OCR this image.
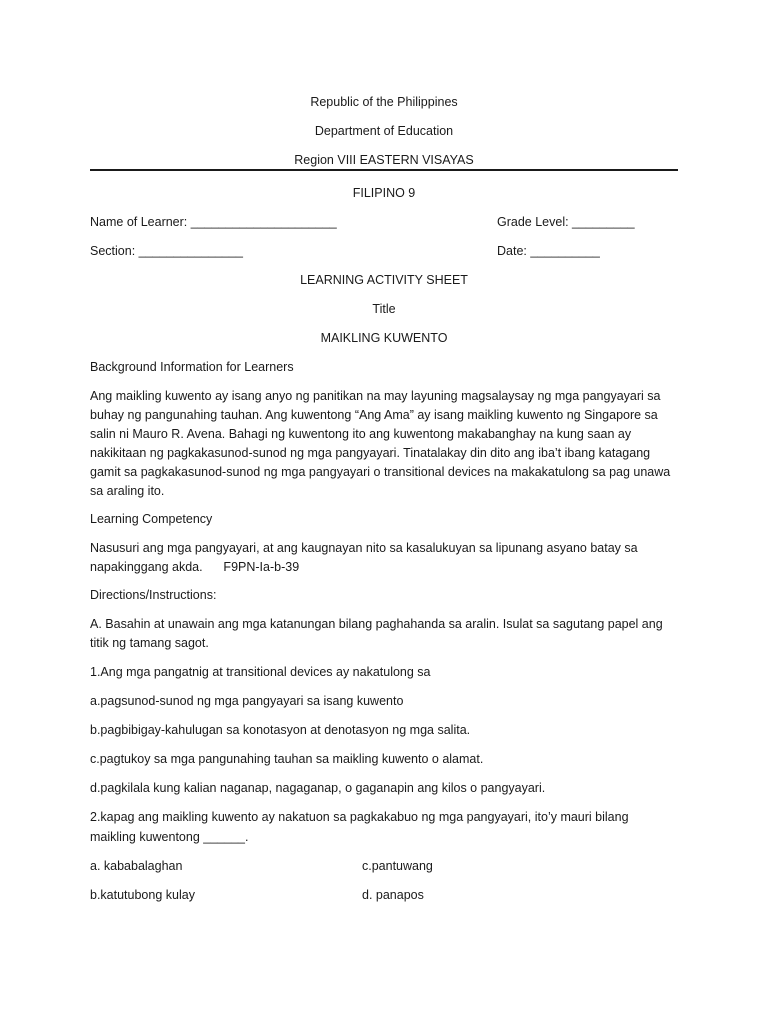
Republic of the Philippines
Department of Education
Region VIII EASTERN VISAYAS
FILIPINO 9
Name of Learner: _____________________	Grade Level: _________
Section: _______________	Date: __________
LEARNING ACTIVITY SHEET
Title
MAIKLING KUWENTO
Background Information for Learners
Ang maikling kuwento ay isang anyo ng panitikan na may layuning magsalaysay ng mga pangyayari sa
buhay ng pangunahing tauhan. Ang kuwentong “Ang Ama” ay isang maikling kuwento ng Singapore sa
salin ni Mauro R. Avena. Bahagi ng kuwentong ito ang kuwentong makabanghay na kung saan ay
nakikitaan ng pagkakasunod-sunod ng mga pangyayari. Tinatalakay din dito ang iba’t ibang katagang
gamit sa pagkakasunod-sunod ng mga pangyayari o transitional devices na makakatulong sa pag unawa
sa araling ito.
Learning Competency
Nasusuri ang mga pangyayari, at ang kaugnayan nito sa kasalukuyan sa lipunang asyano batay sa
napakinggang akda.      F9PN-Ia-b-39
Directions/Instructions:
A. Basahin at unawain ang mga katanungan bilang paghahanda sa aralin. Isulat sa sagutang papel ang
titik ng tamang sagot.
1.Ang mga pangatnig at transitional devices ay nakatulong sa
a.pagsunod-sunod ng mga pangyayari sa isang kuwento
b.pagbibigay-kahulugan sa konotasyon at denotasyon ng mga salita.
c.pagtukoy sa mga pangunahing tauhan sa maikling kuwento o alamat.
d.pagkilala kung kalian naganap, nagaganap, o gaganapin ang kilos o pangyayari.
2.kapag ang maikling kuwento ay nakatuon sa pagkakabuo ng mga pangyayari, ito’y mauri bilang
maikling kuwentong ______.
a. kababalaghan	c.pantuwang
b.katutubong kulay	d. panapos
